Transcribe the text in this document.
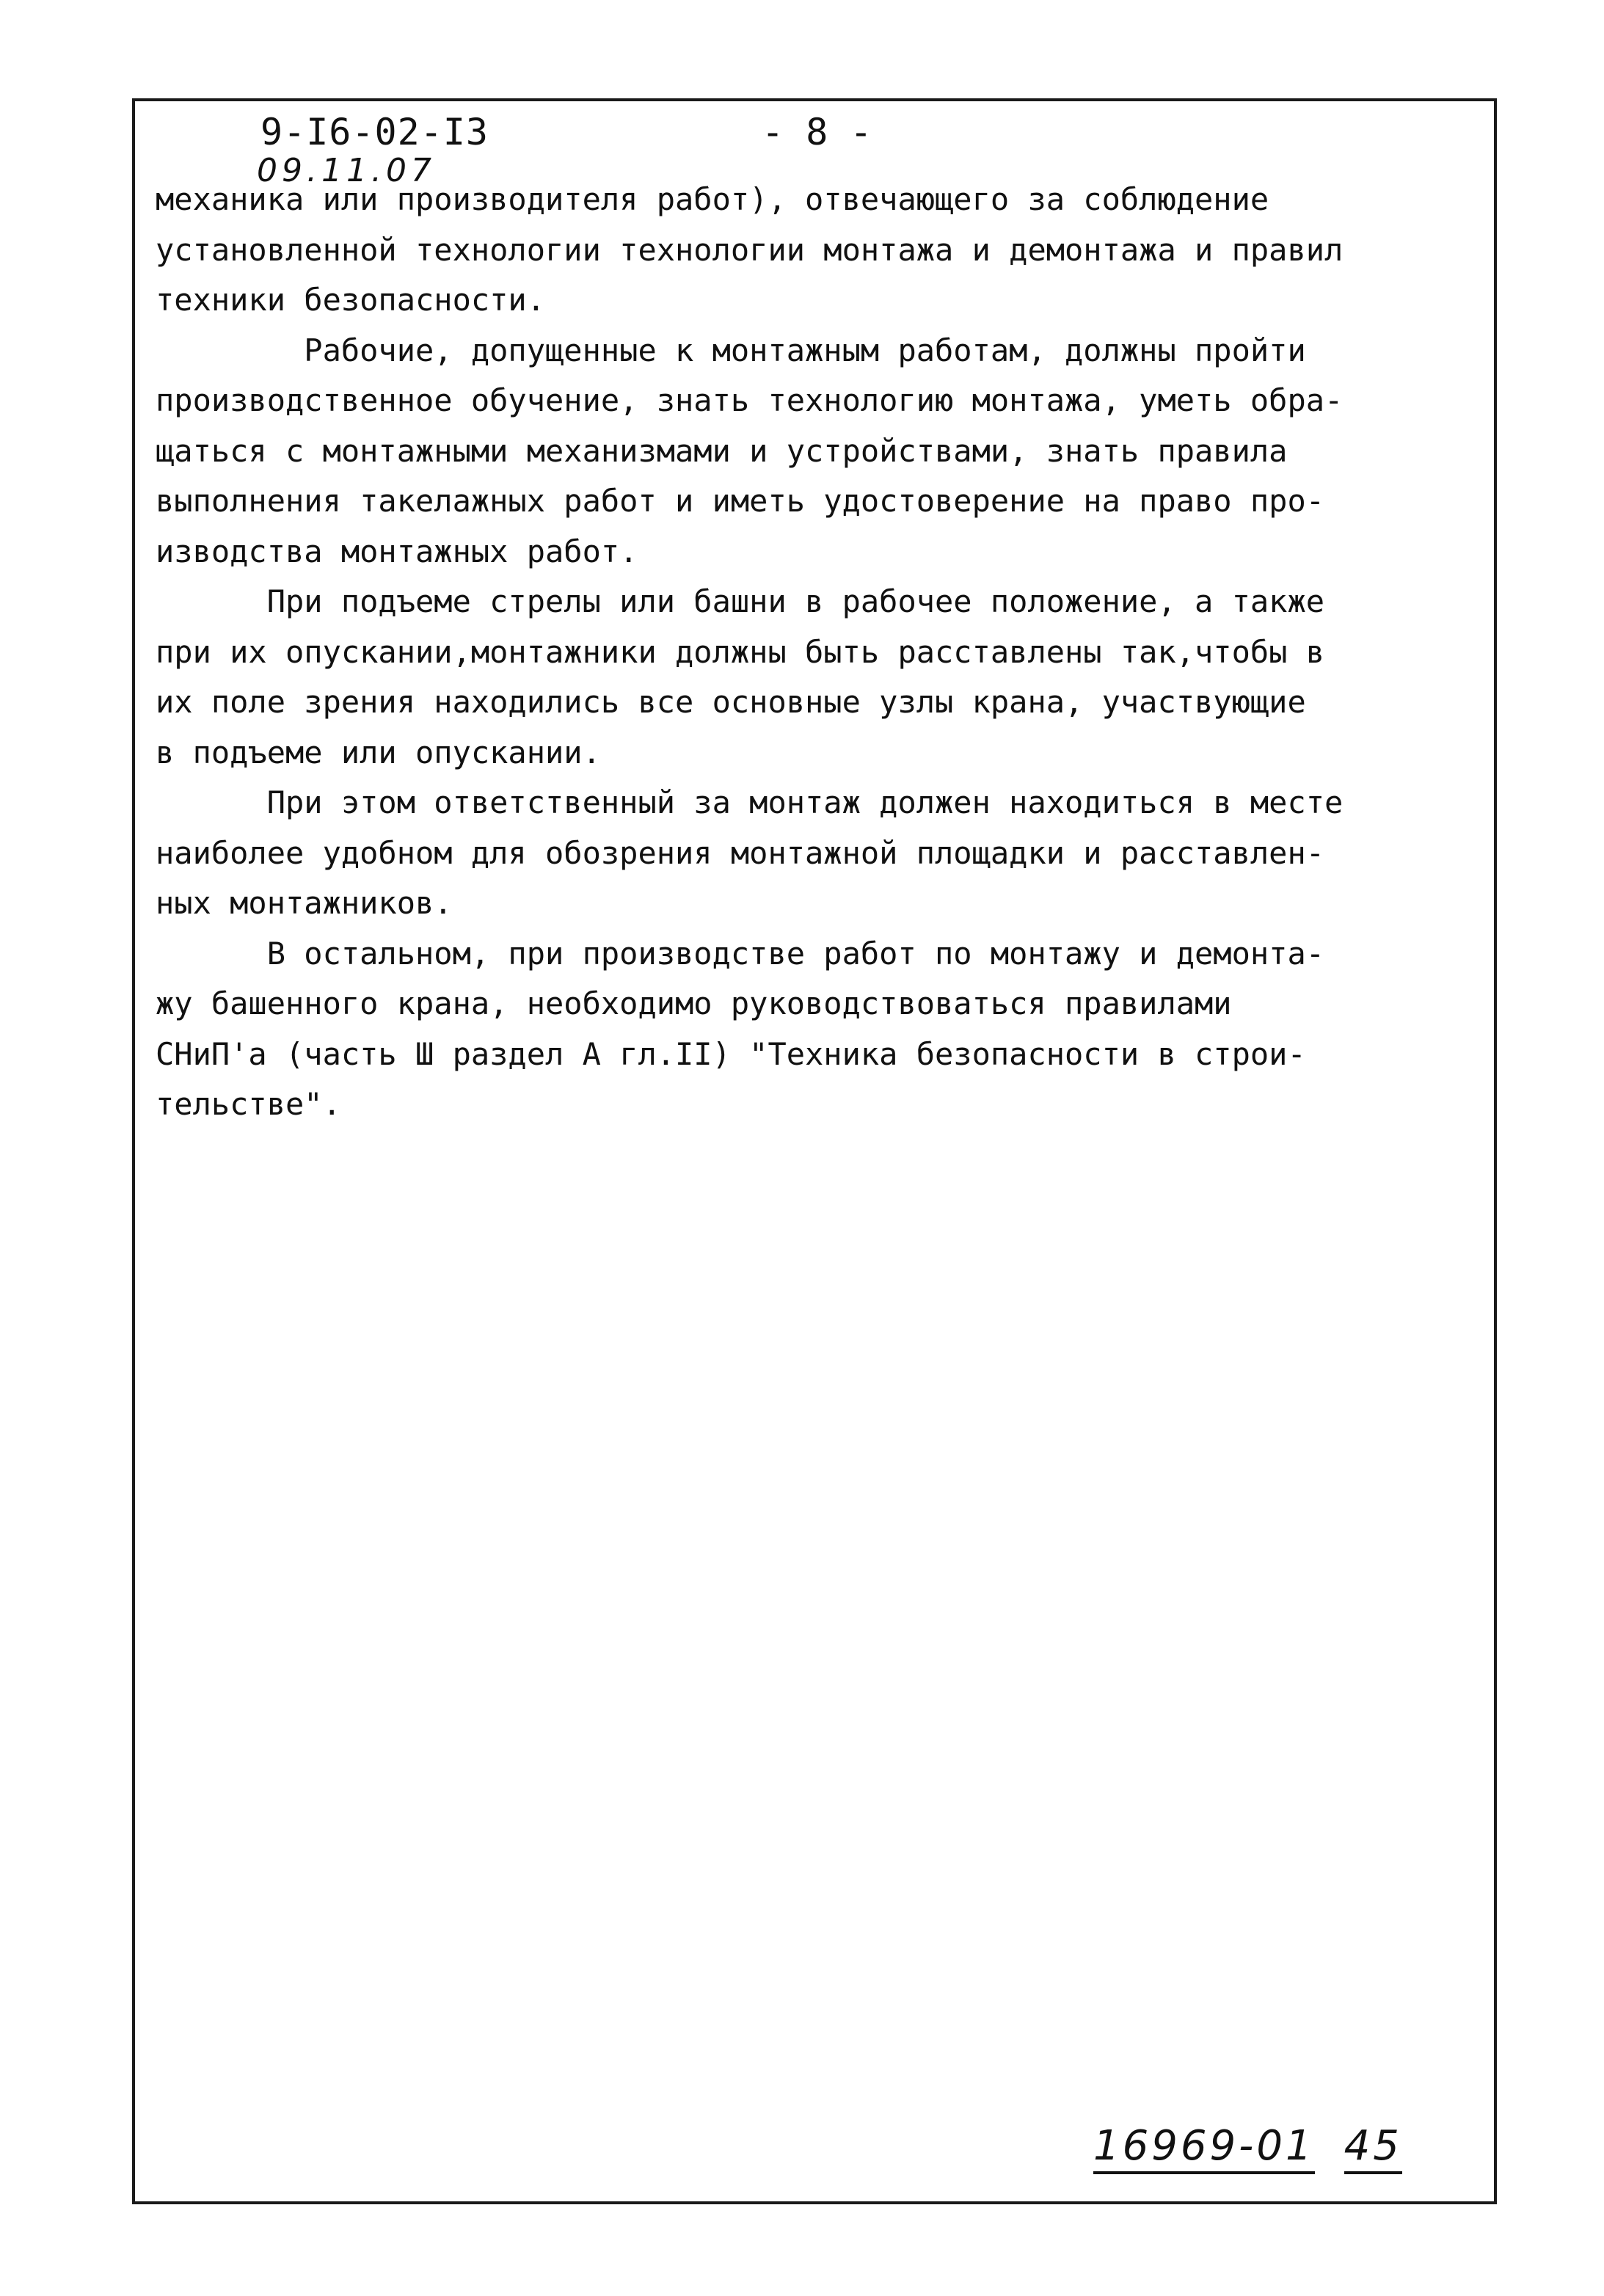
9-I6-02-I3	- 8 -
09.11.07
механика или производителя работ), отвечающего за соблюдение
установленной технологии технологии монтажа и демонтажа и правил
техники безопасности.
Рабочие, допущенные к монтажным работам, должны пройти
производственное обучение, знать технологию монтажа, уметь обра-
щаться с монтажными механизмами и устройствами, знать правила
выполнения такелажных работ и иметь удостоверение на право про-
изводства монтажных работ.
При подъеме стрелы или башни в рабочее положение, а также
при их опускании,монтажники должны быть расставлены так,чтобы в
их поле зрения находились все основные узлы крана, участвующие
в подъеме или опускании.
При этом ответственный за монтаж должен находиться в месте
наиболее удобном для обозрения монтажной площадки и расставлен-
ных монтажников.
В остальном, при производстве работ по монтажу и демонта-
жу башенного крана, необходимо руководствоваться правилами
СНиП'а (часть Ш раздел А гл.II) "Техника безопасности в строи-
тельстве".
16969-01 45
